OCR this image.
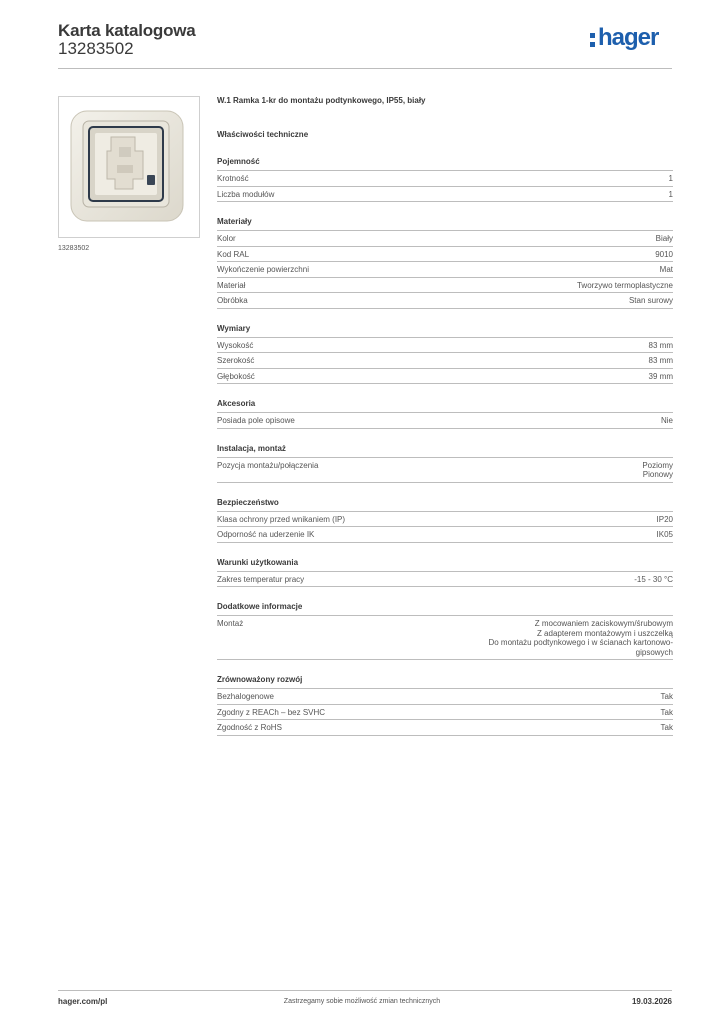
Karta katalogowa
13283502	hager
13283502
W.1 Ramka 1-kr do montażu podtynkowego, IP55, biały
Właściwości techniczne
Pojemność
Krotność	1
Liczba modułów	1
Materiały
Kolor	Biały
Kod RAL	9010
Wykończenie powierzchni	Mat
Materiał	Tworzywo termoplastyczne
Obróbka	Stan surowy
Wymiary
Wysokość	83 mm
Szerokość	83 mm
Głębokość	39 mm
Akcesoria
Posiada pole opisowe	Nie
Instalacja, montaż
Pozycja montażu/połączenia	Poziomy
Pionowy
Bezpieczeństwo
Klasa ochrony przed wnikaniem (IP)	IP20
Odporność na uderzenie IK	IK05
Warunki użytkowania
Zakres temperatur pracy	-15 - 30 °C
Dodatkowe informacje
Montaż	Z mocowaniem zaciskowym/śrubowym
Z adapterem montażowym i uszczelką
Do montażu podtynkowego i w ścianach kartonowo-
gipsowych
Zrównoważony rozwój
Bezhalogenowe	Tak
Zgodny z REACh – bez SVHC	Tak
Zgodność z RoHS	Tak
hager.com/pl	Zastrzegamy sobie możliwość zmian technicznych	19.03.2026
